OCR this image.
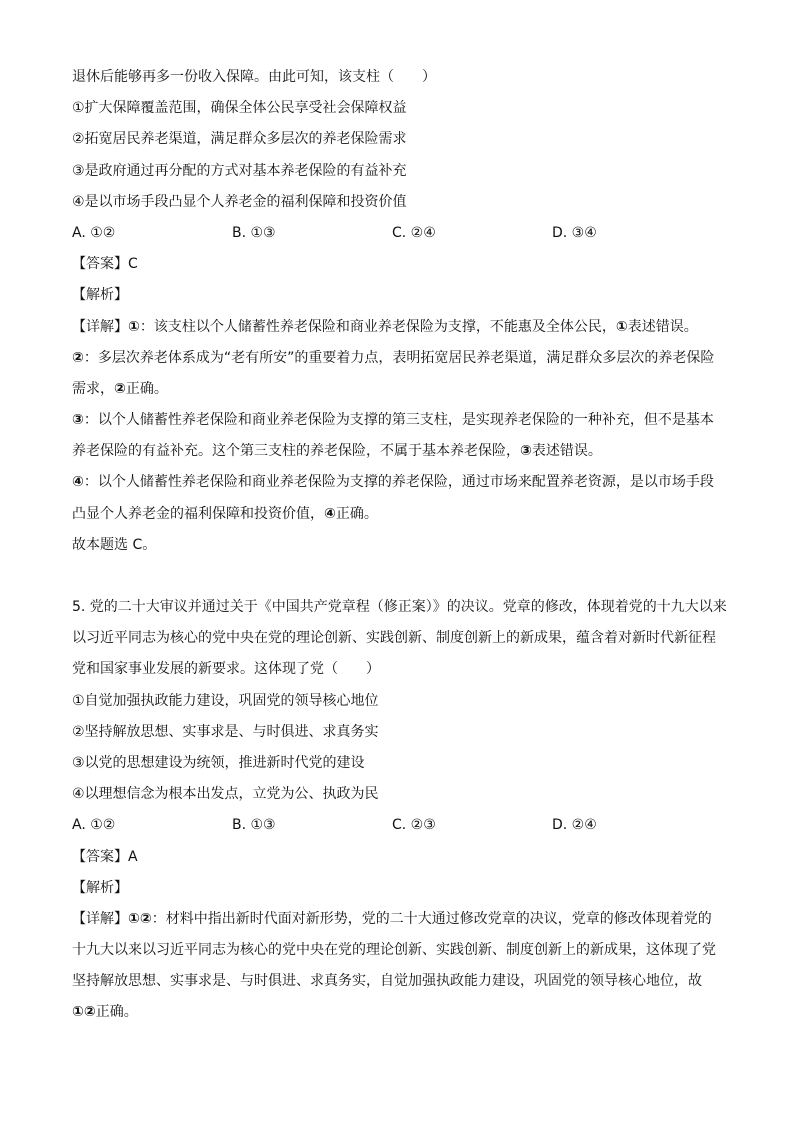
退休后能够再多一份收入保障。由此可知，该支柱（　　）
①扩大保障覆盖范围，确保全体公民享受社会保障权益
②拓宽居民养老渠道，满足群众多层次的养老保险需求
③是政府通过再分配的方式对基本养老保险的有益补充
④是以市场手段凸显个人养老金的福利保障和投资价值
A. ①②	B. ①③	C. ②④	D. ③④
【答案】C
【解析】
【详解】①：该支柱以个人储蓄性养老保险和商业养老保险为支撑，不能惠及全体公民，①表述错误。
②：多层次养老体系成为“老有所安”的重要着力点，表明拓宽居民养老渠道，满足群众多层次的养老保险
需求，②正确。
③：以个人储蓄性养老保险和商业养老保险为支撑的第三支柱，是实现养老保险的一种补充，但不是基本
养老保险的有益补充。这个第三支柱的养老保险，不属于基本养老保险，③表述错误。
④：以个人储蓄性养老保险和商业养老保险为支撑的养老保险，通过市场来配置养老资源，是以市场手段
凸显个人养老金的福利保障和投资价值，④正确。
故本题选 C。
5. 党的二十大审议并通过关于《中国共产党章程（修正案）》的决议。党章的修改，体现着党的十九大以来
以习近平同志为核心的党中央在党的理论创新、实践创新、制度创新上的新成果，蕴含着对新时代新征程
党和国家事业发展的新要求。这体现了党（　　）
①自觉加强执政能力建设，巩固党的领导核心地位
②坚持解放思想、实事求是、与时俱进、求真务实
③以党的思想建设为统领，推进新时代党的建设
④以理想信念为根本出发点，立党为公、执政为民
A. ①②	B. ①③	C. ②③	D. ②④
【答案】A
【解析】
【详解】①②：材料中指出新时代面对新形势，党的二十大通过修改党章的决议，党章的修改体现着党的
十九大以来以习近平同志为核心的党中央在党的理论创新、实践创新、制度创新上的新成果，这体现了党
坚持解放思想、实事求是、与时俱进、求真务实，自觉加强执政能力建设，巩固党的领导核心地位，故
①②正确。
